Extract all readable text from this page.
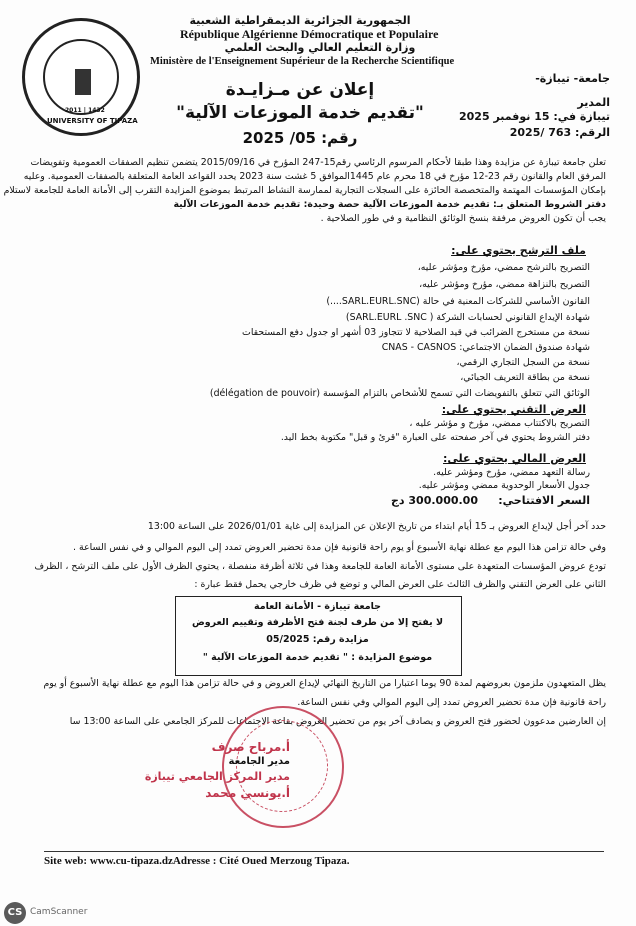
UNIVERSITY OF TIPAZA
2011 | 1432
الجمهورية الجزائرية الديمقراطية الشعبية
République Algérienne Démocratique et Populaire
وزارة التعليم العالي والبحث العلمي
Ministère de l'Enseignement Supérieur de la Recherche Scientifique
جامعة- تيبازة-
المدير
تيبازة في: 15 نوفمبر 2025
الرقم: 763 /2025
إعلان عن مـزايـدة
"تقديم خدمة الموزعات الآلية"
رقم: 05/ 2025
تعلن جامعة تيبازة عن مزايدة وهذا طبقا لأحكام المرسوم الرئاسي رقم15-247 المؤرخ في 2015/09/16 يتضمن تنظيم الصفقات العمومية وتفويضات
المرفق العام والقانون رقم 23-12 مؤرخ في 18 محرم عام 1445الموافق 5 غشت سنة 2023 يحدد القواعد العامة المتعلقة بالصفقات العمومية. وعليه
بإمكان المؤسسات المهتمة والمتخصصة الحائزة على السجلات التجارية لممارسة النشاط المرتبط بموضوع المزايدة التقرب إلى الأمانة العامة للجامعة لاستلام
دفتر الشروط المتعلق بـ: تقديم خدمة الموزعات الآلية حصة وحيدة: تقديم خدمة الموزعات الآلية
يجب أن تكون العروض مرفقة بنسخ الوثائق النظامية و في طور الصلاحية .
ملف الترشح يحتوي على:
التصريح بالترشح ممضي، مؤرخ ومؤشر عليه،
التصريح بالنزاهة ممضي، مؤرخ ومؤشر عليه،
القانون الأساسي للشركات المعنية في حالة (SARL.EURL.SNC....)
شهادة الإيداع القانوني لحسابات الشركة ( SARL.EURL .SNC)
نسخة من مستخرج الضرائب في قيد الصلاحية لا تتجاوز 03 أشهر او جدول دفع المستحقات
شهادة صندوق الضمان الاجتماعي: CNAS - CASNOS
نسخة من السجل التجاري الرقمي،
نسخة من بطاقة التعريف الجبائي،
الوثائق التي تتعلق بالتفويضات التي تسمح للأشخاص بالتزام المؤسسة (délégation de pouvoir)
العرض التقني يحتوي على:
التصريح بالاكتتاب ممضي، مؤرخ و مؤشر عليه ،
دفتر الشروط يحتوي في آخر صفحته على العبارة "قرئ و قبل" مكتوبة بخط اليد.
العرض المالي يحتوي على:
رسالة التعهد ممضي، مؤرخ ومؤشر عليه.
جدول الأسعار الوحدوية ممضي ومؤشر عليه.
السعر الافتتاحي:
300.000.00 دج
حدد آخر أجل لإيداع العروض بـ 15 أيام ابتداء من تاريخ الإعلان عن المزايدة إلى غاية 2026/01/01 على الساعة 13:00
وفي حالة تزامن هذا اليوم مع عطلة نهاية الأسبوع أو يوم راحة قانونية فإن مدة تحضير العروض تمدد إلى اليوم الموالي و في نفس الساعة .
تودع عروض المؤسسات المتعهدة على مستوى الأمانة العامة للجامعة وهذا في ثلاثة أظرفة منفصلة ، يحتوي الظرف الأول على ملف الترشح ، الظرف
الثاني على العرض التقني والظرف الثالث على العرض المالي و توضع في ظرف خارجي يحمل فقط عبارة :
جامعة تيبازة - الأمانة العامة
لا يفتح إلا من طرف لجنة فتح الأظرفة وتقييم العروض
مزايدة رقم: 05/2025
موضوع المزايدة : " تقديم خدمة الموزعات الآلية "
يظل المتعهدون ملزمون بعروضهم لمدة 90 يوما اعتبارا من التاريخ النهائي لإيداع العروض و في حالة تزامن هذا اليوم مع عطلة نهاية الأسبوع أو يوم
راحة قانونية فإن مدة تحضير العروض تمدد إلى اليوم الموالي وفي نفس الساعة.
إن العارضين مدعوون لحضور فتح العروض و يصادف آخر يوم من تحضير العروض بقاعة الاجتماعات للمركز الجامعي على الساعة 13:00 سا
أ.مرباح صرف
مدير الجامعة
مدير المركز الجامعي تيبازة
أ.يونسي محمد
Site web: www.cu-tipaza.dzAdresse : Cité Oued Merzoug Tipaza.
CS CamScanner
